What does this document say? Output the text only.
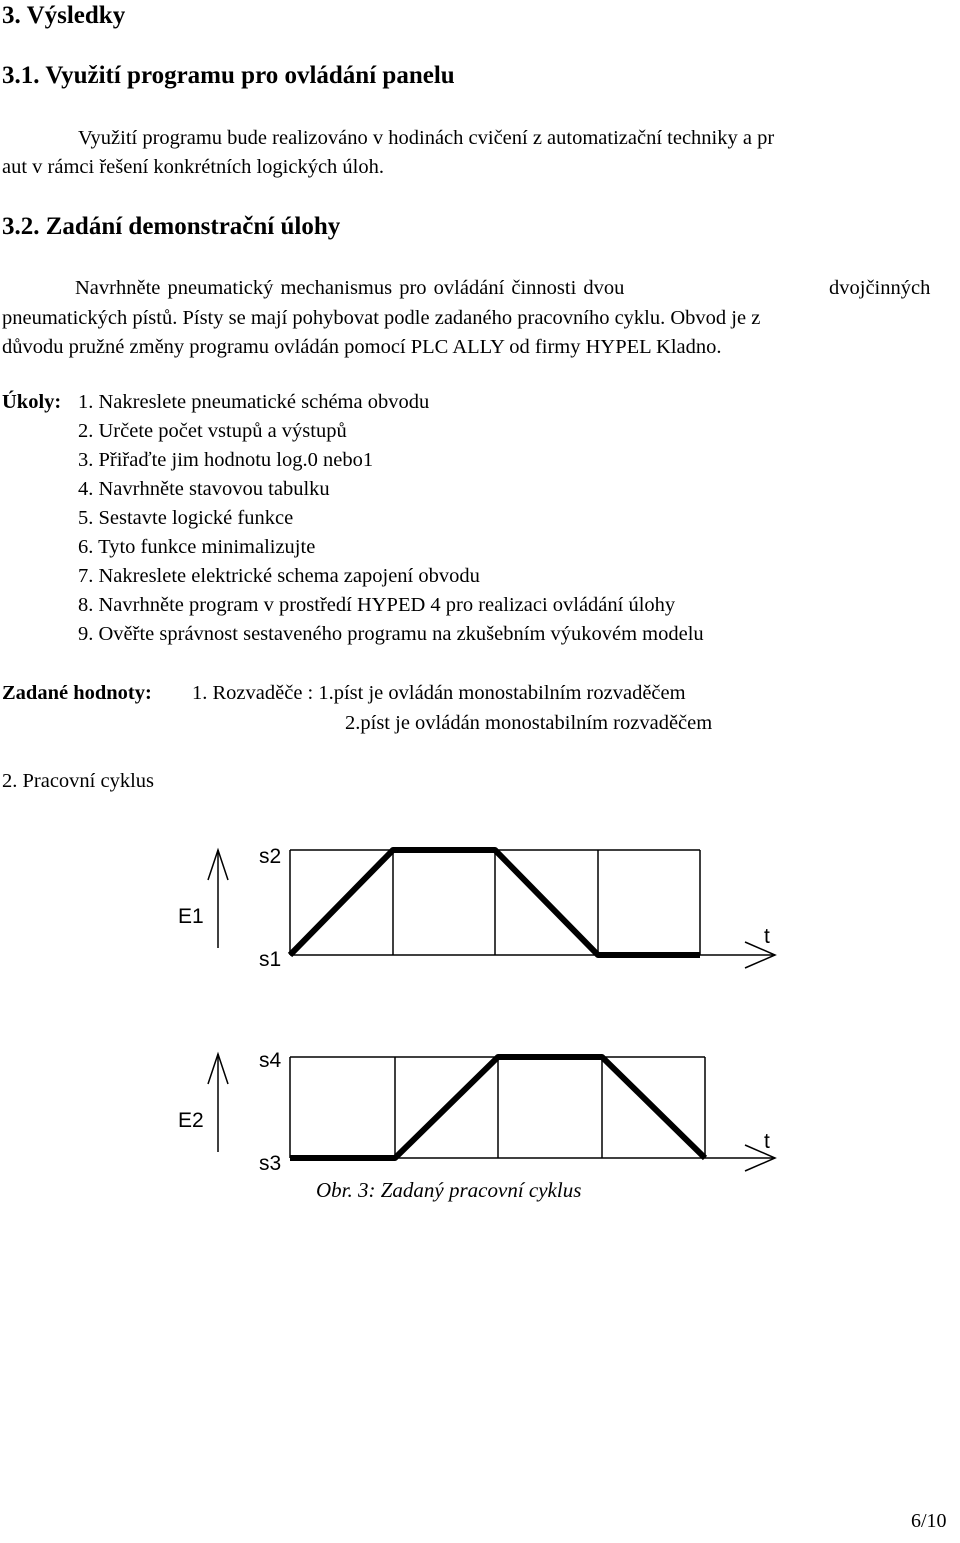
3. Výsledky
3.1. Využití programu pro ovládání panelu
Využití programu bude realizováno v hodinách cvičení z automatizační techniky a pr
aut v rámci řešení konkrétních logických úloh.
3.2. Zadání demonstrační úlohy
Navrhněte pneumatický mechanismus pro ovládání činnosti dvou	dvojčinných
pneumatických pístů. Písty se mají pohybovat podle zadaného pracovního cyklu. Obvod je z
důvodu pružné změny programu ovládán pomocí PLC ALLY od firmy HYPEL Kladno.
Úkoly: 1. Nakreslete pneumatické schéma obvodu
2. Určete počet vstupů a výstupů
3. Přiřaďte jim hodnotu log.0 nebo1
4. Navrhněte stavovou tabulku
5. Sestavte logické funkce
6. Tyto funkce minimalizujte
7. Nakreslete elektrické schema zapojení obvodu
8. Navrhněte program v prostředí HYPED 4 pro realizaci ovládání úlohy
9. Ověřte správnost sestaveného programu na zkušebním výukovém modelu
Zadané hodnoty: 1. Rozvaděče : 1.píst je ovládán monostabilním rozvaděčem
2.píst je ovládán monostabilním rozvaděčem
2. Pracovní cyklus
s2
E1
s1
t
s4
E2
s3
t
Obr. 3: Zadaný pracovní cyklus
6/10
